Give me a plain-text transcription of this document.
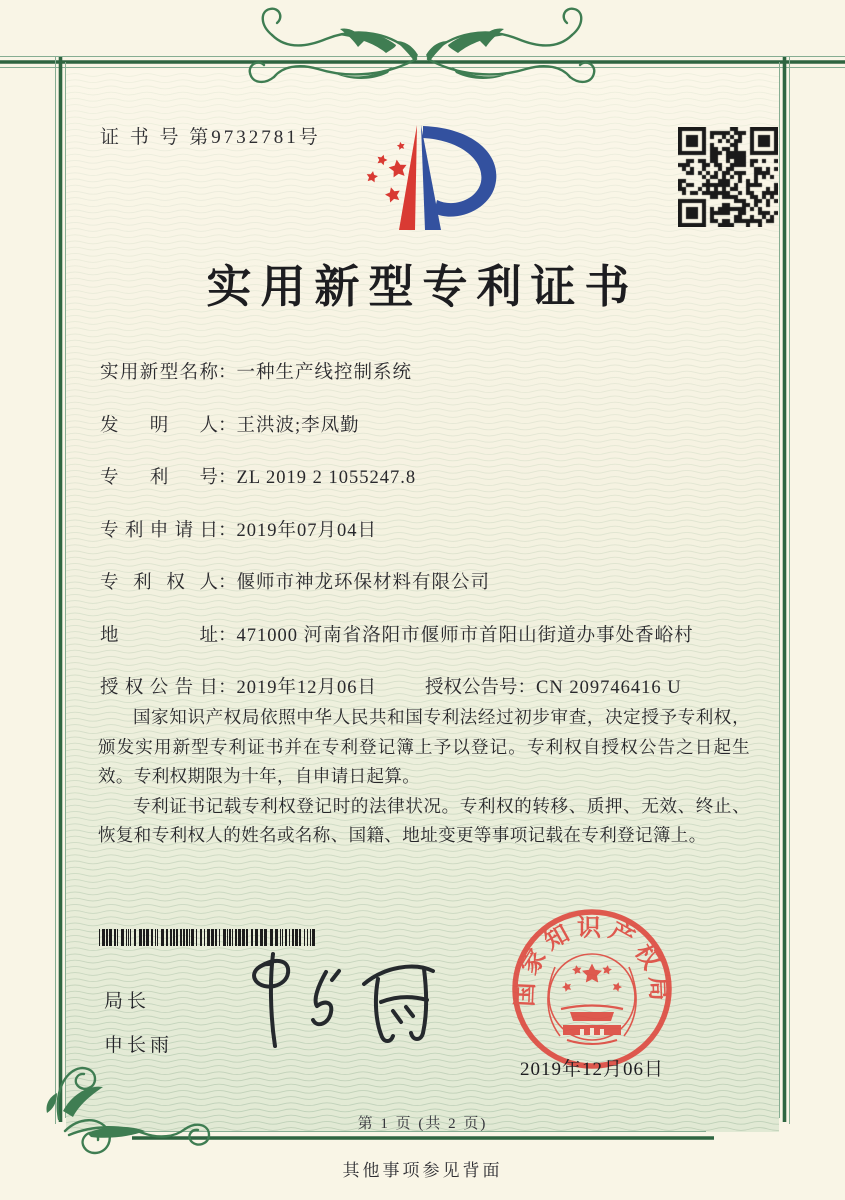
证 书 号 第9732781号
实用新型专利证书
实用新型名称：一种生产线控制系统
发明人：王洪波;李凤勤
专利号：ZL 2019 2 1055247.8
专利申请日：2019年07月04日
专利权人：偃师市神龙环保材料有限公司
地址：471000 河南省洛阳市偃师市首阳山街道办事处香峪村
授权公告日：2019年12月06日	授权公告号：CN 209746416 U

国家知识产权局依照中华人民共和国专利法经过初步审查，决定授予专利权，颁发实用新型专利证书并在专利登记簿上予以登记。专利权自授权公告之日起生效。专利权期限为十年，自申请日起算。

专利证书记载专利权登记时的法律状况。专利权的转移、质押、无效、终止、恢复和专利权人的姓名或名称、国籍、地址变更等事项记载在专利登记簿上。

局长
申长雨
国家知识产权局
2019年12月06日
第 1 页 (共 2 页)
其他事项参见背面
